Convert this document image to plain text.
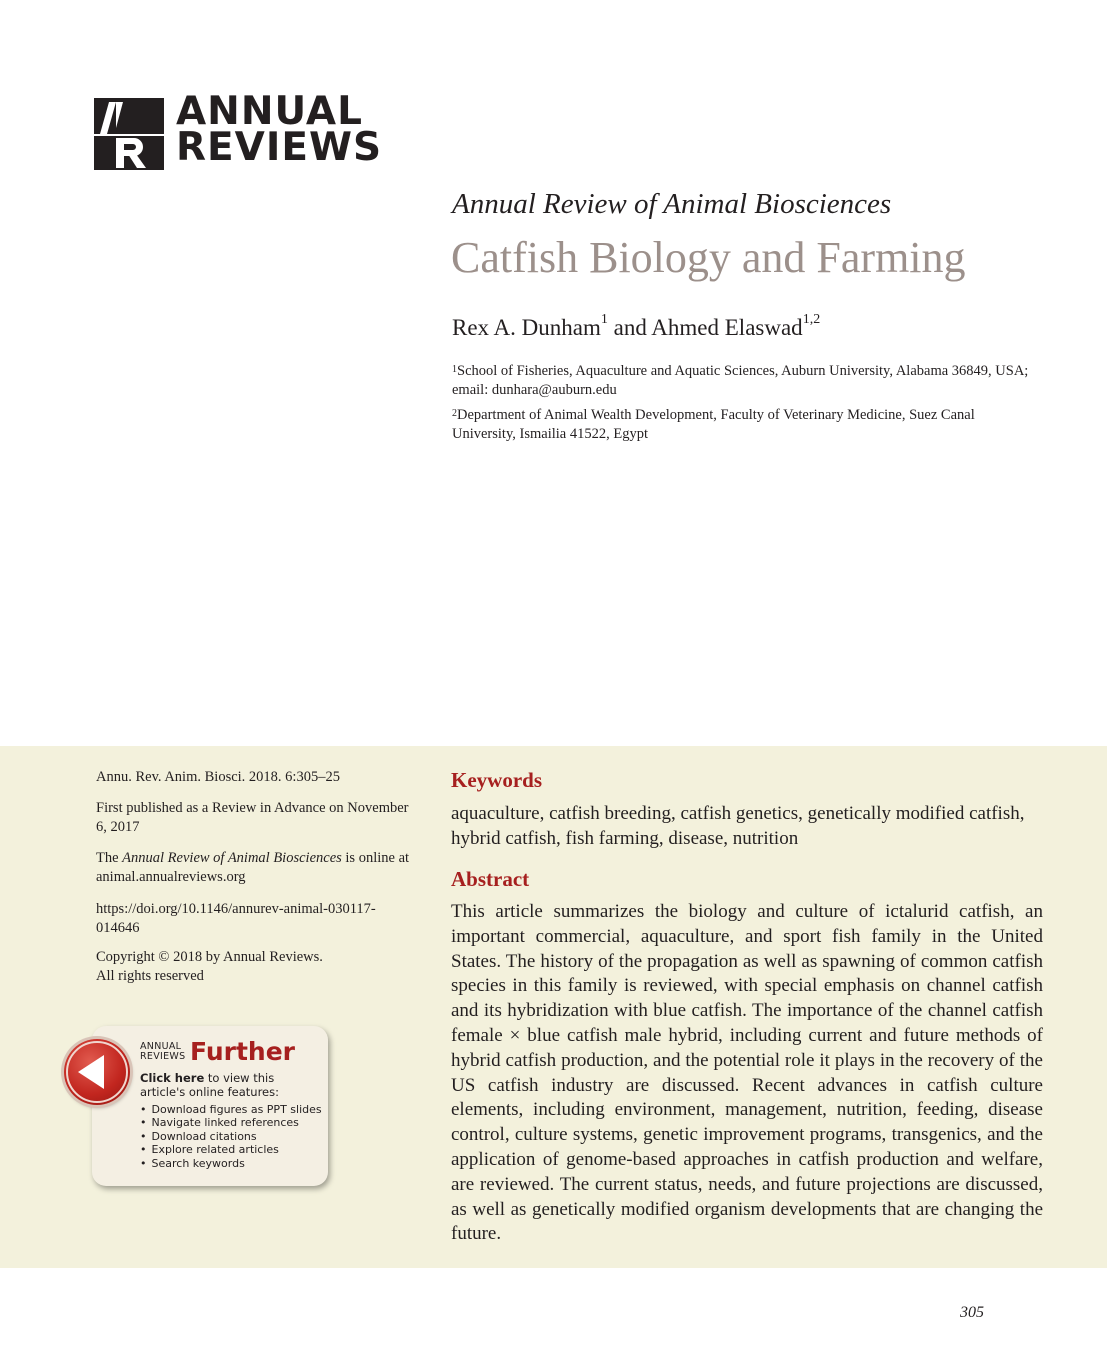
ANNUAL
REVIEWS
Annual Review of Animal Biosciences
Catfish Biology and Farming
Rex A. Dunham$^1$ and Ahmed Elaswad$^{1,2}$
$^1$School of Fisheries, Aquaculture and Aquatic Sciences, Auburn University, Alabama 36849, USA; email: dunhara@auburn.edu
$^2$Department of Animal Wealth Development, Faculty of Veterinary Medicine, Suez Canal University, Ismailia 41522, Egypt
Annu. Rev. Anim. Biosci. 2018. 6:305–25
First published as a Review in Advance on November 6, 2017
The Annual Review of Animal Biosciences is online at animal.annualreviews.org
https://doi.org/10.1146/annurev-animal-030117-014646
Copyright © 2018 by Annual Reviews.
All rights reserved
ANNUAL
REVIEWS Further
Click here to view this article's online features:
• Download figures as PPT slides
• Navigate linked references
• Download citations
• Explore related articles
• Search keywords
Keywords
aquaculture, catfish breeding, catfish genetics, genetically modified catfish, hybrid catfish, fish farming, disease, nutrition
Abstract
This article summarizes the biology and culture of ictalurid catfish, an important commercial, aquaculture, and sport fish family in the United States. The history of the propagation as well as spawning of common catfish species in this family is reviewed, with special emphasis on channel catfish and its hybridization with blue catfish. The importance of the channel catfish female × blue catfish male hybrid, including current and future methods of hybrid catfish production, and the potential role it plays in the recovery of the US catfish industry are discussed. Recent advances in catfish culture elements, including environment, management, nutrition, feeding, disease control, culture systems, genetic improvement programs, transgenics, and the application of genome-based approaches in catfish production and welfare, are reviewed. The current status, needs, and future projections are discussed, as well as genetically modified organism developments that are changing the future.
305
